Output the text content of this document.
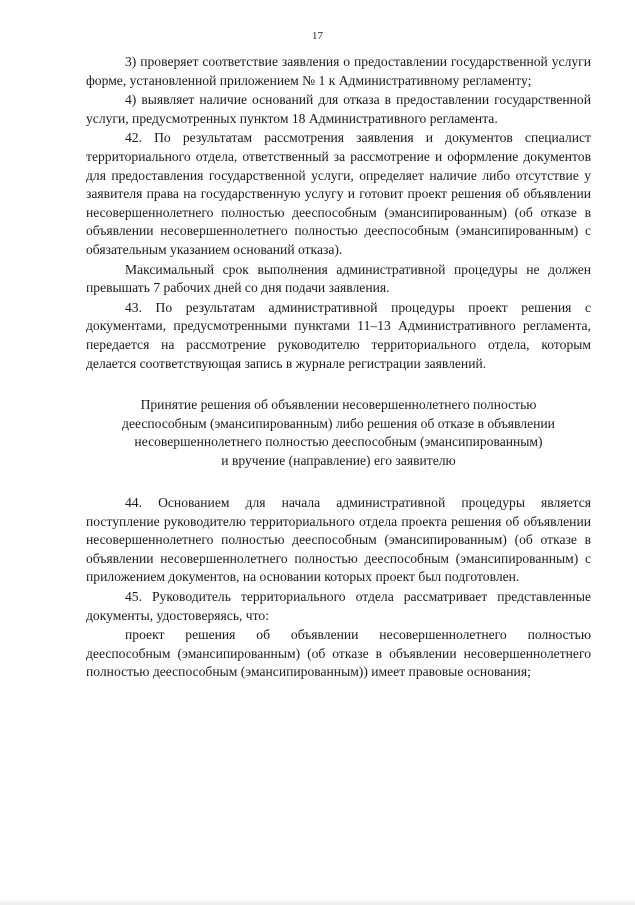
17

3) проверяет соответствие заявления о предоставлении государственной услуги форме, установленной приложением № 1 к Административному регламенту;

4) выявляет наличие оснований для отказа в предоставлении государственной услуги, предусмотренных пунктом 18 Административного регламента.

42. По результатам рассмотрения заявления и документов специалист территориального отдела, ответственный за рассмотрение и оформление документов для предоставления государственной услуги, определяет наличие либо отсутствие у заявителя права на государственную услугу и готовит проект решения об объявлении несовершеннолетнего полностью дееспособным (эмансипированным) (об отказе в объявлении несовершеннолетнего полностью дееспособным (эмансипированным) с обязательным указанием оснований отказа).

Максимальный срок выполнения административной процедуры не должен превышать 7 рабочих дней со дня подачи заявления.

43. По результатам административной процедуры проект решения с документами, предусмотренными пунктами 11–13 Административного регламента, передается на рассмотрение руководителю территориального отдела, которым делается соответствующая запись в журнале регистрации заявлений.

Принятие решения об объявлении несовершеннолетнего полностью
дееспособным (эмансипированным) либо решения об отказе в объявлении
несовершеннолетнего полностью дееспособным (эмансипированным)
и вручение (направление) его заявителю

44. Основанием для начала административной процедуры является поступление руководителю территориального отдела проекта решения об объявлении несовершеннолетнего полностью дееспособным (эмансипированным) (об отказе в объявлении несовершеннолетнего полностью дееспособным (эмансипированным) с приложением документов, на основании которых проект был подготовлен.

45. Руководитель территориального отдела рассматривает представленные документы, удостоверяясь, что:

проект решения об объявлении несовершеннолетнего полностью дееспособным (эмансипированным) (об отказе в объявлении несовершеннолетнего полностью дееспособным (эмансипированным)) имеет правовые основания;
